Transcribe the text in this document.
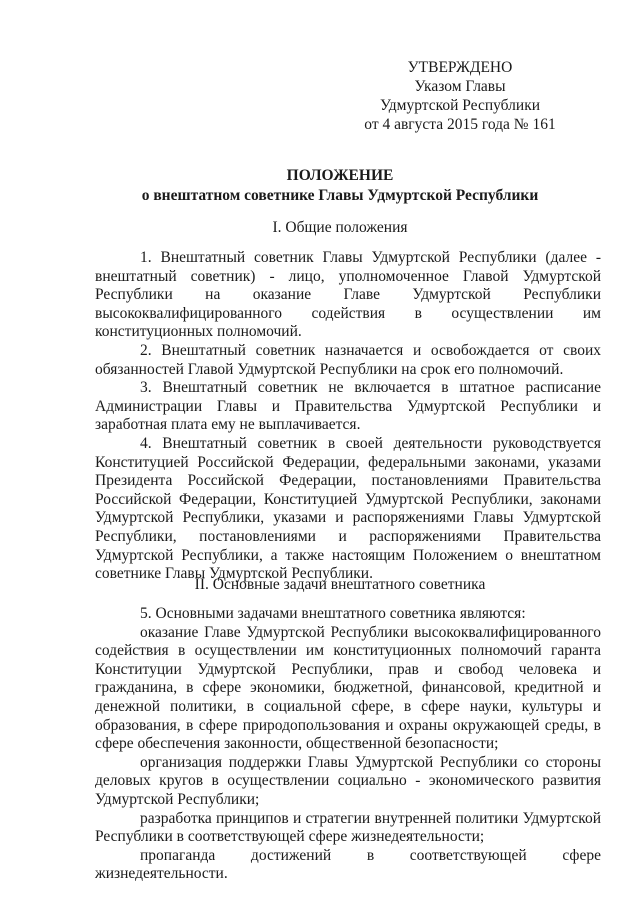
УТВЕРЖДЕНО
Указом Главы
Удмуртской Республики
от 4 августа 2015 года № 161
ПОЛОЖЕНИЕ
о внештатном советнике Главы Удмуртской Республики
I. Общие положения

1. Внештатный советник Главы Удмуртской Республики (далее - внештатный советник) - лицо, уполномоченное Главой Удмуртской Республики на оказание Главе Удмуртской Республики высококвалифицированного содействия в осуществлении им конституционных полномочий.

2. Внештатный советник назначается и освобождается от своих обязанностей Главой Удмуртской Республики на срок его полномочий.

3. Внештатный советник не включается в штатное расписание Администрации Главы и Правительства Удмуртской Республики и заработная плата ему не выплачивается.

4. Внештатный советник в своей деятельности руководствуется Конституцией Российской Федерации, федеральными законами, указами Президента Российской Федерации, постановлениями Правительства Российской Федерации, Конституцией Удмуртской Республики, законами Удмуртской Республики, указами и распоряжениями Главы Удмуртской Республики, постановлениями и распоряжениями Правительства Удмуртской Республики, а также настоящим Положением о внештатном советнике Главы Удмуртской Республики.

II. Основные задачи внештатного советника

5. Основными задачами внештатного советника являются:

оказание Главе Удмуртской Республики высококвалифицированного содействия в осуществлении им конституционных полномочий гаранта Конституции Удмуртской Республики, прав и свобод человека и гражданина, в сфере экономики, бюджетной, финансовой, кредитной и денежной политики, в социальной сфере, в сфере науки, культуры и образования, в сфере природопользования и охраны окружающей среды, в сфере обеспечения законности, общественной безопасности;

организация поддержки Главы Удмуртской Республики со стороны деловых кругов в осуществлении социально - экономического развития Удмуртской Республики;

разработка принципов и стратегии внутренней политики Удмуртской Республики в соответствующей сфере жизнедеятельности;

пропаганда достижений в соответствующей сфере жизнедеятельности.
